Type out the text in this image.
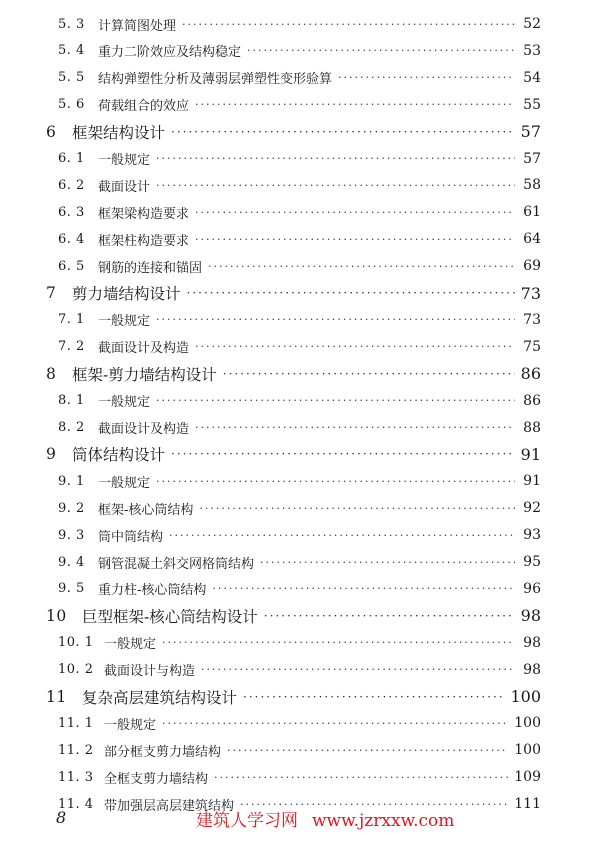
5. 3	计算简图处理 ·····	52
5. 4	重力二阶效应及结构稳定 ·····	53
5. 5	结构弹塑性分析及薄弱层弹塑性变形验算 ·····	54
5. 6	荷载组合的效应 ·····	55
6	框架结构设计 ·····	57
6. 1	一般规定 ·····	57
6. 2	截面设计 ·····	58
6. 3	框架梁构造要求 ·····	61
6. 4	框架柱构造要求 ·····	64
6. 5	钢筋的连接和锚固 ·····	69
7	剪力墙结构设计 ·····	73
7. 1	一般规定 ·····	73
7. 2	截面设计及构造 ·····	75
8	框架-剪力墙结构设计 ·····	86
8. 1	一般规定 ·····	86
8. 2	截面设计及构造 ·····	88
9	筒体结构设计 ·····	91
9. 1	一般规定 ·····	91
9. 2	框架-核心筒结构 ·····	92
9. 3	筒中筒结构 ·····	93
9. 4	钢管混凝土斜交网格筒结构 ·····	95
9. 5	重力柱-核心筒结构 ·····	96
10 巨型框架-核心筒结构设计 ·····	98
10. 1 一般规定 ·····	98
10. 2 截面设计与构造 ·····	98
11 复杂高层建筑结构设计 ·····	100
11. 1 一般规定 ·····	100
11. 2 部分框支剪力墙结构 ·····	100
11. 3 全框支剪力墙结构 ·····	109
11. 4 带加强层高层建筑结构 ·····	111
8	建筑人学习网 www.jzrxxw.com
